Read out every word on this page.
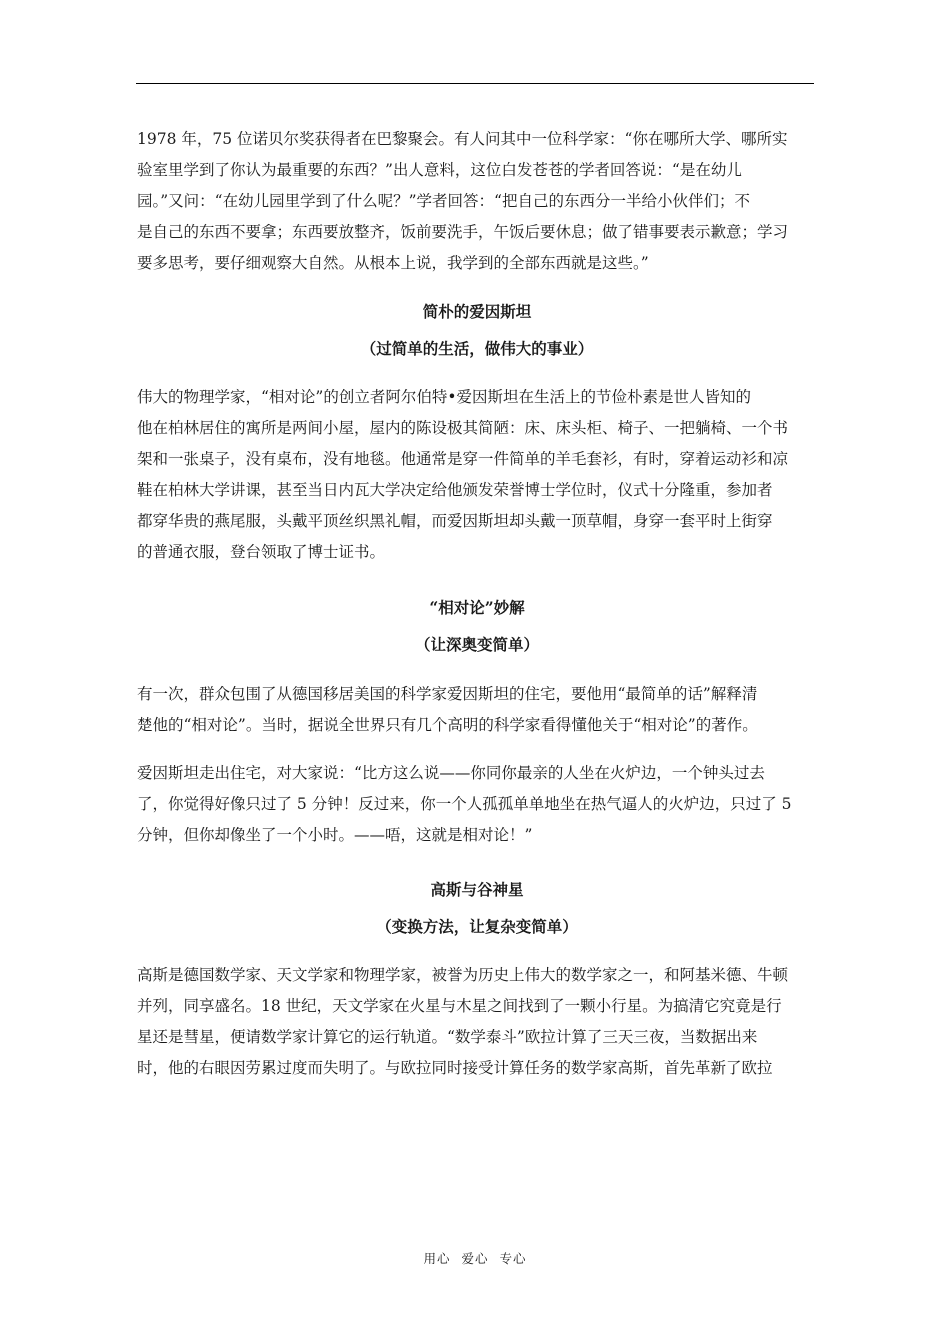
1978 年，75 位诺贝尔奖获得者在巴黎聚会。有人问其中一位科学家：“你在哪所大学、哪所实
验室里学到了你认为最重要的东西？”出人意料，这位白发苍苍的学者回答说：“是在幼儿
园。”又问：“在幼儿园里学到了什么呢？”学者回答：“把自己的东西分一半给小伙伴们；不
是自己的东西不要拿；东西要放整齐，饭前要洗手，午饭后要休息；做了错事要表示歉意；学习
要多思考，要仔细观察大自然。从根本上说，我学到的全部东西就是这些。”

简朴的爱因斯坦
（过简单的生活，做伟大的事业）

伟大的物理学家，“相对论”的创立者阿尔伯特•爱因斯坦在生活上的节俭朴素是世人皆知的
他在柏林居住的寓所是两间小屋，屋内的陈设极其简陋：床、床头柜、椅子、一把躺椅、一个书
架和一张桌子，没有桌布，没有地毯。他通常是穿一件简单的羊毛套衫，有时，穿着运动衫和凉
鞋在柏林大学讲课，甚至当日内瓦大学决定给他颁发荣誉博士学位时，仪式十分隆重，参加者
都穿华贵的燕尾服，头戴平顶丝织黑礼帽，而爱因斯坦却头戴一顶草帽，身穿一套平时上街穿
的普通衣服，登台领取了博士证书。

“相对论”妙解
（让深奥变简单）

有一次，群众包围了从德国移居美国的科学家爱因斯坦的住宅，要他用“最简单的话”解释清
楚他的“相对论”。当时，据说全世界只有几个高明的科学家看得懂他关于“相对论”的著作。

爱因斯坦走出住宅，对大家说：“比方这么说——你同你最亲的人坐在火炉边，一个钟头过去
了，你觉得好像只过了 5 分钟！反过来，你一个人孤孤单单地坐在热气逼人的火炉边，只过了 5
分钟，但你却像坐了一个小时。——唔，这就是相对论！”

高斯与谷神星
（变换方法，让复杂变简单）

高斯是德国数学家、天文学家和物理学家，被誉为历史上伟大的数学家之一，和阿基米德、牛顿
并列，同享盛名。18 世纪，天文学家在火星与木星之间找到了一颗小行星。为搞清它究竟是行
星还是彗星，便请数学家计算它的运行轨道。“数学泰斗”欧拉计算了三天三夜，当数据出来
时，他的右眼因劳累过度而失明了。与欧拉同时接受计算任务的数学家高斯，首先革新了欧拉

用心 爱心 专心
